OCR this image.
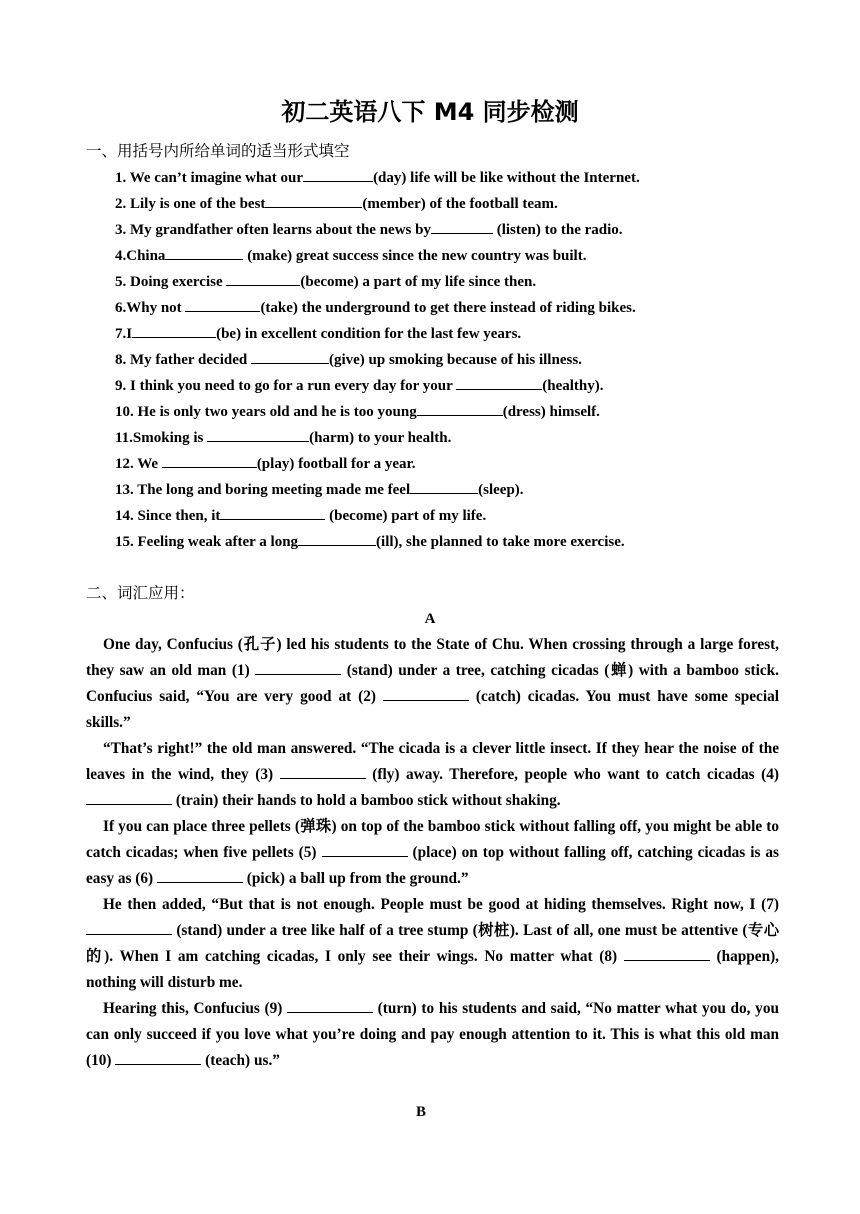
初二英语八下 M4 同步检测
一、用括号内所给单词的适当形式填空
1. We can’t imagine what our	(day) life will be like without the Internet.
2. Lily is one of the best	(member) of the football team.
3. My grandfather often learns about the news by	(listen) to the radio.
4.China	(make) great success since the new country was built.
5. Doing exercise	(become) a part of my life since then.
6.Why not	(take) the underground to get there instead of riding bikes.
7.I	(be) in excellent condition for the last few years.
8. My father decided	(give) up smoking because of his illness.
9. I think you need to go for a run every day for your	(healthy).
10. He is only two years old and he is too young	(dress) himself.
11.Smoking is	(harm) to your health.
12. We	(play) football for a year.
13. The long and boring meeting made me feel	(sleep).
14. Since then, it	(become) part of my life.
15. Feeling weak after a long	(ill), she planned to take more exercise.
二、词汇应用：
A

One day, Confucius (孔子) led his students to the State of Chu. When crossing through a large forest, they saw an old man (1)	(stand) under a tree, catching cicadas (蝉) with a bamboo stick. Confucius said, “You are very good at (2)	(catch) cicadas. You must have some special skills.”

“That’s right!” the old man answered. “The cicada is a clever little insect. If they hear the noise of the leaves in the wind, they (3)	(fly) away. Therefore, people who want to catch cicadas (4)  (train) their hands to hold a bamboo stick without shaking.

If you can place three pellets (弹珠) on top of the bamboo stick without falling off, you might be able to catch cicadas; when five pellets (5)	(place) on top without falling off, catching cicadas is as easy as (6)	(pick) a ball up from the ground.”

He then added, “But that is not enough. People must be good at hiding themselves. Right now, I (7)  (stand) under a tree like half of a tree stump (树桩). Last of all, one must be attentive (专心的). When I am catching cicadas, I only see their wings. No matter what (8)	(happen), nothing will disturb me.

Hearing this, Confucius (9)	(turn) to his students and said, “No matter what you do, you can only succeed if you love what you’re doing and pay enough attention to it. This is what this old man (10)	(teach) us.”

B
